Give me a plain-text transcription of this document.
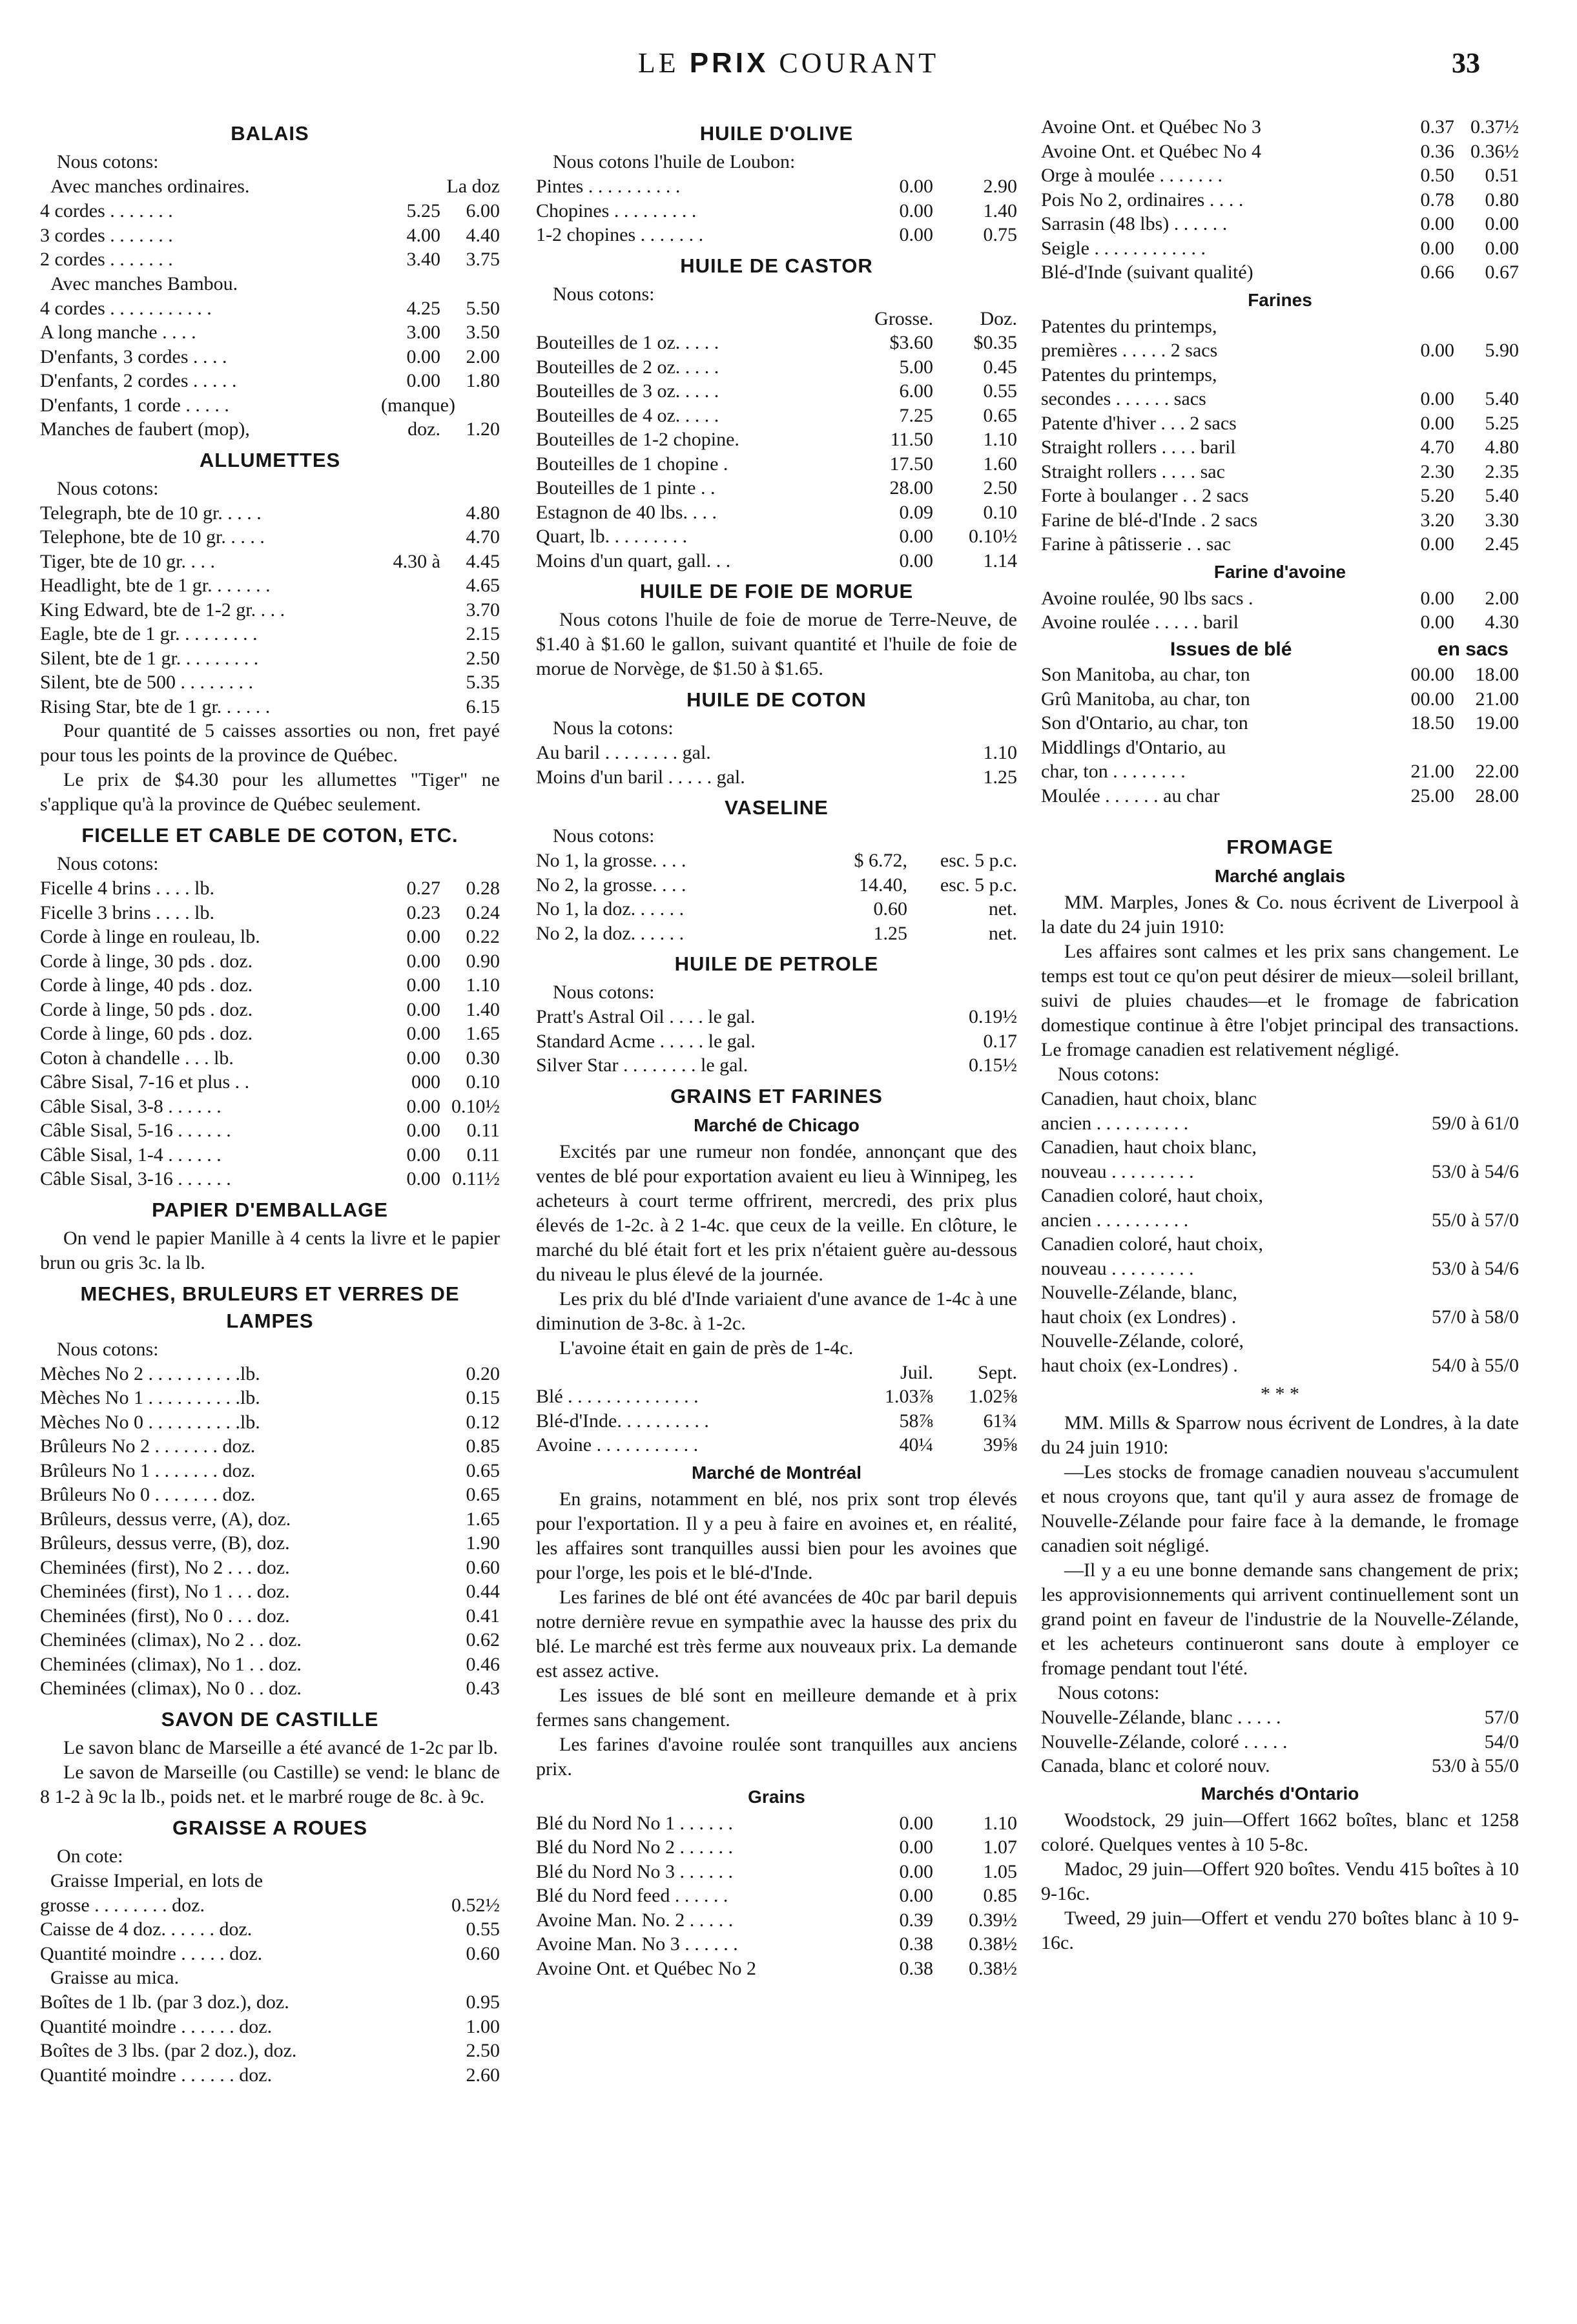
LE PRIX COURANT	33
BALAIS
Nous cotons:
Avec manches ordinaires.	La doz
4 cordes . . . . . . .	5.25	6.00
3 cordes . . . . . . .	4.00	4.40
2 cordes . . . . . . .	3.40	3.75
Avec manches Bambou.
4 cordes . . . . . . . . . . .	4.25	5.50
A long manche . . . .	3.00	3.50
D'enfants, 3 cordes . . . .	0.00	2.00
D'enfants, 2 cordes . . . . .	0.00	1.80
D'enfants, 1 corde . . . . .	(manque)
Manches de faubert (mop),	doz.	1.20
ALLUMETTES
Nous cotons:
Telegraph, bte de 10 gr. . . . .	4.80
Telephone, bte de 10 gr. . . . .	4.70
Tiger, bte de 10 gr. . . .	4.30 à	4.45
Headlight, bte de 1 gr. . . . . . .	4.65
King Edward, bte de 1-2 gr. . . .	3.70
Eagle, bte de 1 gr. . . . . . . . .	2.15
Silent, bte de 1 gr. . . . . . . . .	2.50
Silent, bte de 500 . . . . . . . .	5.35
Rising Star, bte de 1 gr. . . . . .	6.15

Pour quantité de 5 caisses assorties ou non, fret payé pour tous les points de la province de Québec.

Le prix de $4.30 pour les allumettes "Tiger" ne s'applique qu'à la province de Québec seulement.

FICELLE ET CABLE DE COTON, ETC.
Nous cotons:
Ficelle 4 brins . . . . lb.	0.27	0.28
Ficelle 3 brins . . . . lb.	0.23	0.24
Corde à linge en rouleau, lb.	0.00	0.22
Corde à linge, 30 pds . doz.	0.00	0.90
Corde à linge, 40 pds . doz.	0.00	1.10
Corde à linge, 50 pds . doz.	0.00	1.40
Corde à linge, 60 pds . doz.	0.00	1.65
Coton à chandelle . . . lb.	0.00	0.30
Câbre Sisal, 7-16 et plus . .	000	0.10
Câble Sisal, 3-8 . . . . . .	0.00 0.10½
Câble Sisal, 5-16 . . . . . .	0.00	0.11
Câble Sisal, 1-4 . . . . . .	0.00	0.11
Câble Sisal, 3-16 . . . . . .	0.00 0.11½
PAPIER D'EMBALLAGE

On vend le papier Manille à 4 cents la livre et le papier brun ou gris 3c. la lb.

MECHES, BRULEURS ET VERRES DE LAMPES
Nous cotons:
Mèches No 2 . . . . . . . . . .lb.	0.20
Mèches No 1 . . . . . . . . . .lb.	0.15
Mèches No 0 . . . . . . . . . .lb.	0.12
Brûleurs No 2 . . . . . . . doz.	0.85
Brûleurs No 1 . . . . . . . doz.	0.65
Brûleurs No 0 . . . . . . . doz.	0.65
Brûleurs, dessus verre, (A), doz.	1.65
Brûleurs, dessus verre, (B), doz.	1.90
Cheminées (first), No 2 . . . doz.	0.60
Cheminées (first), No 1 . . . doz.	0.44
Cheminées (first), No 0 . . . doz.	0.41
Cheminées (climax), No 2 . . doz.	0.62
Cheminées (climax), No 1 . . doz.	0.46
Cheminées (climax), No 0 . . doz.	0.43
SAVON DE CASTILLE

Le savon blanc de Marseille a été avancé de 1-2c par lb.

Le savon de Marseille (ou Castille) se vend: le blanc de 8 1-2 à 9c la lb., poids net. et le marbré rouge de 8c. à 9c.

GRAISSE A ROUES
On cote:
Graisse Imperial, en lots de
grosse . . . . . . . . doz.	0.52½
Caisse de 4 doz. . . . . . doz.	0.55
Quantité moindre . . . . . doz.	0.60
Graisse au mica.
Boîtes de 1 lb. (par 3 doz.), doz.	0.95
Quantité moindre . . . . . . doz.	1.00
Boîtes de 3 lbs. (par 2 doz.), doz.	2.50
Quantité moindre . . . . . . doz.	2.60
HUILE D'OLIVE
Nous cotons l'huile de Loubon:
Pintes . . . . . . . . . .	0.00	2.90
Chopines . . . . . . . . .	0.00	1.40
1-2 chopines . . . . . . .	0.00	0.75
HUILE DE CASTOR
Nous cotons:
Grosse.	Doz.
Bouteilles de 1 oz. . . . .	$3.60	$0.35
Bouteilles de 2 oz. . . . .	5.00	0.45
Bouteilles de 3 oz. . . . .	6.00	0.55
Bouteilles de 4 oz. . . . .	7.25	0.65
Bouteilles de 1-2 chopine.	11.50	1.10
Bouteilles de 1 chopine .	17.50	1.60
Bouteilles de 1 pinte . .	28.00	2.50
Estagnon de 40 lbs. . . .	0.09	0.10
Quart, lb. . . . . . . . .	0.00	0.10½
Moins d'un quart, gall. . .	0.00	1.14
HUILE DE FOIE DE MORUE

Nous cotons l'huile de foie de morue de Terre-Neuve, de $1.40 à $1.60 le gallon, suivant quantité et l'huile de foie de morue de Norvège, de $1.50 à $1.65.

HUILE DE COTON
Nous la cotons:
Au baril . . . . . . . . gal.	1.10
Moins d'un baril . . . . . gal.	1.25
VASELINE
Nous cotons:
No 1, la grosse. . . .	$ 6.72,	esc. 5 p.c.
No 2, la grosse. . . .	14.40,	esc. 5 p.c.
No 1, la doz. . . . . .	0.60	net.
No 2, la doz. . . . . .	1.25	net.
HUILE DE PETROLE
Nous cotons:
Pratt's Astral Oil . . . . le gal.	0.19½
Standard Acme . . . . . le gal.	0.17
Silver Star . . . . . . . . le gal.	0.15½
GRAINS ET FARINES
Marché de Chicago

Excités par une rumeur non fondée, annonçant que des ventes de blé pour exportation avaient eu lieu à Winnipeg, les acheteurs à court terme offrirent, mercredi, des prix plus élevés de 1-2c. à 2 1-4c. que ceux de la veille. En clôture, le marché du blé était fort et les prix n'étaient guère au-dessous du niveau le plus élevé de la journée.

Les prix du blé d'Inde variaient d'une avance de 1-4c à une diminution de 3-8c. à 1-2c.

L'avoine était en gain de près de 1-4c.

Juil.	Sept.
Blé . . . . . . . . . . . . . .	1.03⅞	1.02⅝
Blé-d'Inde. . . . . . . . . .	58⅞	61¾
Avoine . . . . . . . . . . .	40¼	39⅝
Marché de Montréal

En grains, notamment en blé, nos prix sont trop élevés pour l'exportation. Il y a peu à faire en avoines et, en réalité, les affaires sont tranquilles aussi bien pour les avoines que pour l'orge, les pois et le blé-d'Inde.

Les farines de blé ont été avancées de 40c par baril depuis notre dernière revue en sympathie avec la hausse des prix du blé. Le marché est très ferme aux nouveaux prix. La demande est assez active.

Les issues de blé sont en meilleure demande et à prix fermes sans changement.

Les farines d'avoine roulée sont tranquilles aux anciens prix.

Grains
Blé du Nord No 1 . . . . . .	0.00	1.10
Blé du Nord No 2 . . . . . .	0.00	1.07
Blé du Nord No 3 . . . . . .	0.00	1.05
Blé du Nord feed . . . . . .	0.00	0.85
Avoine Man. No. 2 . . . . .	0.39	0.39½
Avoine Man. No 3 . . . . . .	0.38	0.38½
Avoine Ont. et Québec No 2	0.38	0.38½
Avoine Ont. et Québec No 3	0.37 0.37½
Avoine Ont. et Québec No 4	0.36 0.36½
Orge à moulée . . . . . . .	0.50	0.51
Pois No 2, ordinaires . . . .	0.78	0.80
Sarrasin (48 lbs) . . . . . .	0.00	0.00
Seigle . . . . . . . . . . . .	0.00	0.00
Blé-d'Inde (suivant qualité)	0.66	0.67
Farines
Patentes du printemps,
premières . . . . . 2 sacs	0.00	5.90
Patentes du printemps,
secondes . . . . . . sacs	0.00	5.40
Patente d'hiver . . . 2 sacs	0.00	5.25
Straight rollers . . . . baril	4.70	4.80
Straight rollers . . . . sac	2.30	2.35
Forte à boulanger . . 2 sacs	5.20	5.40
Farine de blé-d'Inde . 2 sacs	3.20	3.30
Farine à pâtisserie . . sac	0.00	2.45
Farine d'avoine
Avoine roulée, 90 lbs sacs .	0.00	2.00
Avoine roulée . . . . . baril	0.00	4.30
Issues de blé	en sacs
Son Manitoba, au char, ton	00.00	18.00
Grû Manitoba, au char, ton	00.00	21.00
Son d'Ontario, au char, ton	18.50	19.00
Middlings d'Ontario, au
char, ton . . . . . . . .	21.00	22.00
Moulée . . . . . . au char	25.00	28.00
FROMAGE
Marché anglais

MM. Marples, Jones & Co. nous écrivent de Liverpool à la date du 24 juin 1910:

Les affaires sont calmes et les prix sans changement. Le temps est tout ce qu'on peut désirer de mieux—soleil brillant, suivi de pluies chaudes—et le fromage de fabrication domestique continue à être l'objet principal des transactions. Le fromage canadien est relativement négligé.

Nous cotons:
Canadien, haut choix, blanc
ancien . . . . . . . . . .	59/0 à 61/0
Canadien, haut choix blanc,
nouveau . . . . . . . . .	53/0 à 54/6
Canadien coloré, haut choix,
ancien . . . . . . . . . .	55/0 à 57/0
Canadien coloré, haut choix,
nouveau . . . . . . . . .	53/0 à 54/6
Nouvelle-Zélande, blanc,
haut choix (ex Londres) .	57/0 à 58/0
Nouvelle-Zélande, coloré,
haut choix (ex-Londres) .	54/0 à 55/0
* * *

MM. Mills & Sparrow nous écrivent de Londres, à la date du 24 juin 1910:

—Les stocks de fromage canadien nouveau s'accumulent et nous croyons que, tant qu'il y aura assez de fromage de Nouvelle-Zélande pour faire face à la demande, le fromage canadien soit négligé.

—Il y a eu une bonne demande sans changement de prix; les approvisionnements qui arrivent continuellement sont un grand point en faveur de l'industrie de la Nouvelle-Zélande, et les acheteurs continueront sans doute à employer ce fromage pendant tout l'été.

Nous cotons:
Nouvelle-Zélande, blanc . . . . .	57/0
Nouvelle-Zélande, coloré . . . . .	54/0
Canada, blanc et coloré nouv.	53/0 à 55/0
Marchés d'Ontario

Woodstock, 29 juin—Offert 1662 boîtes, blanc et 1258 coloré. Quelques ventes à 10 5-8c.

Madoc, 29 juin—Offert 920 boîtes. Vendu 415 boîtes à 10 9-16c.

Tweed, 29 juin—Offert et vendu 270 boîtes blanc à 10 9-16c.
